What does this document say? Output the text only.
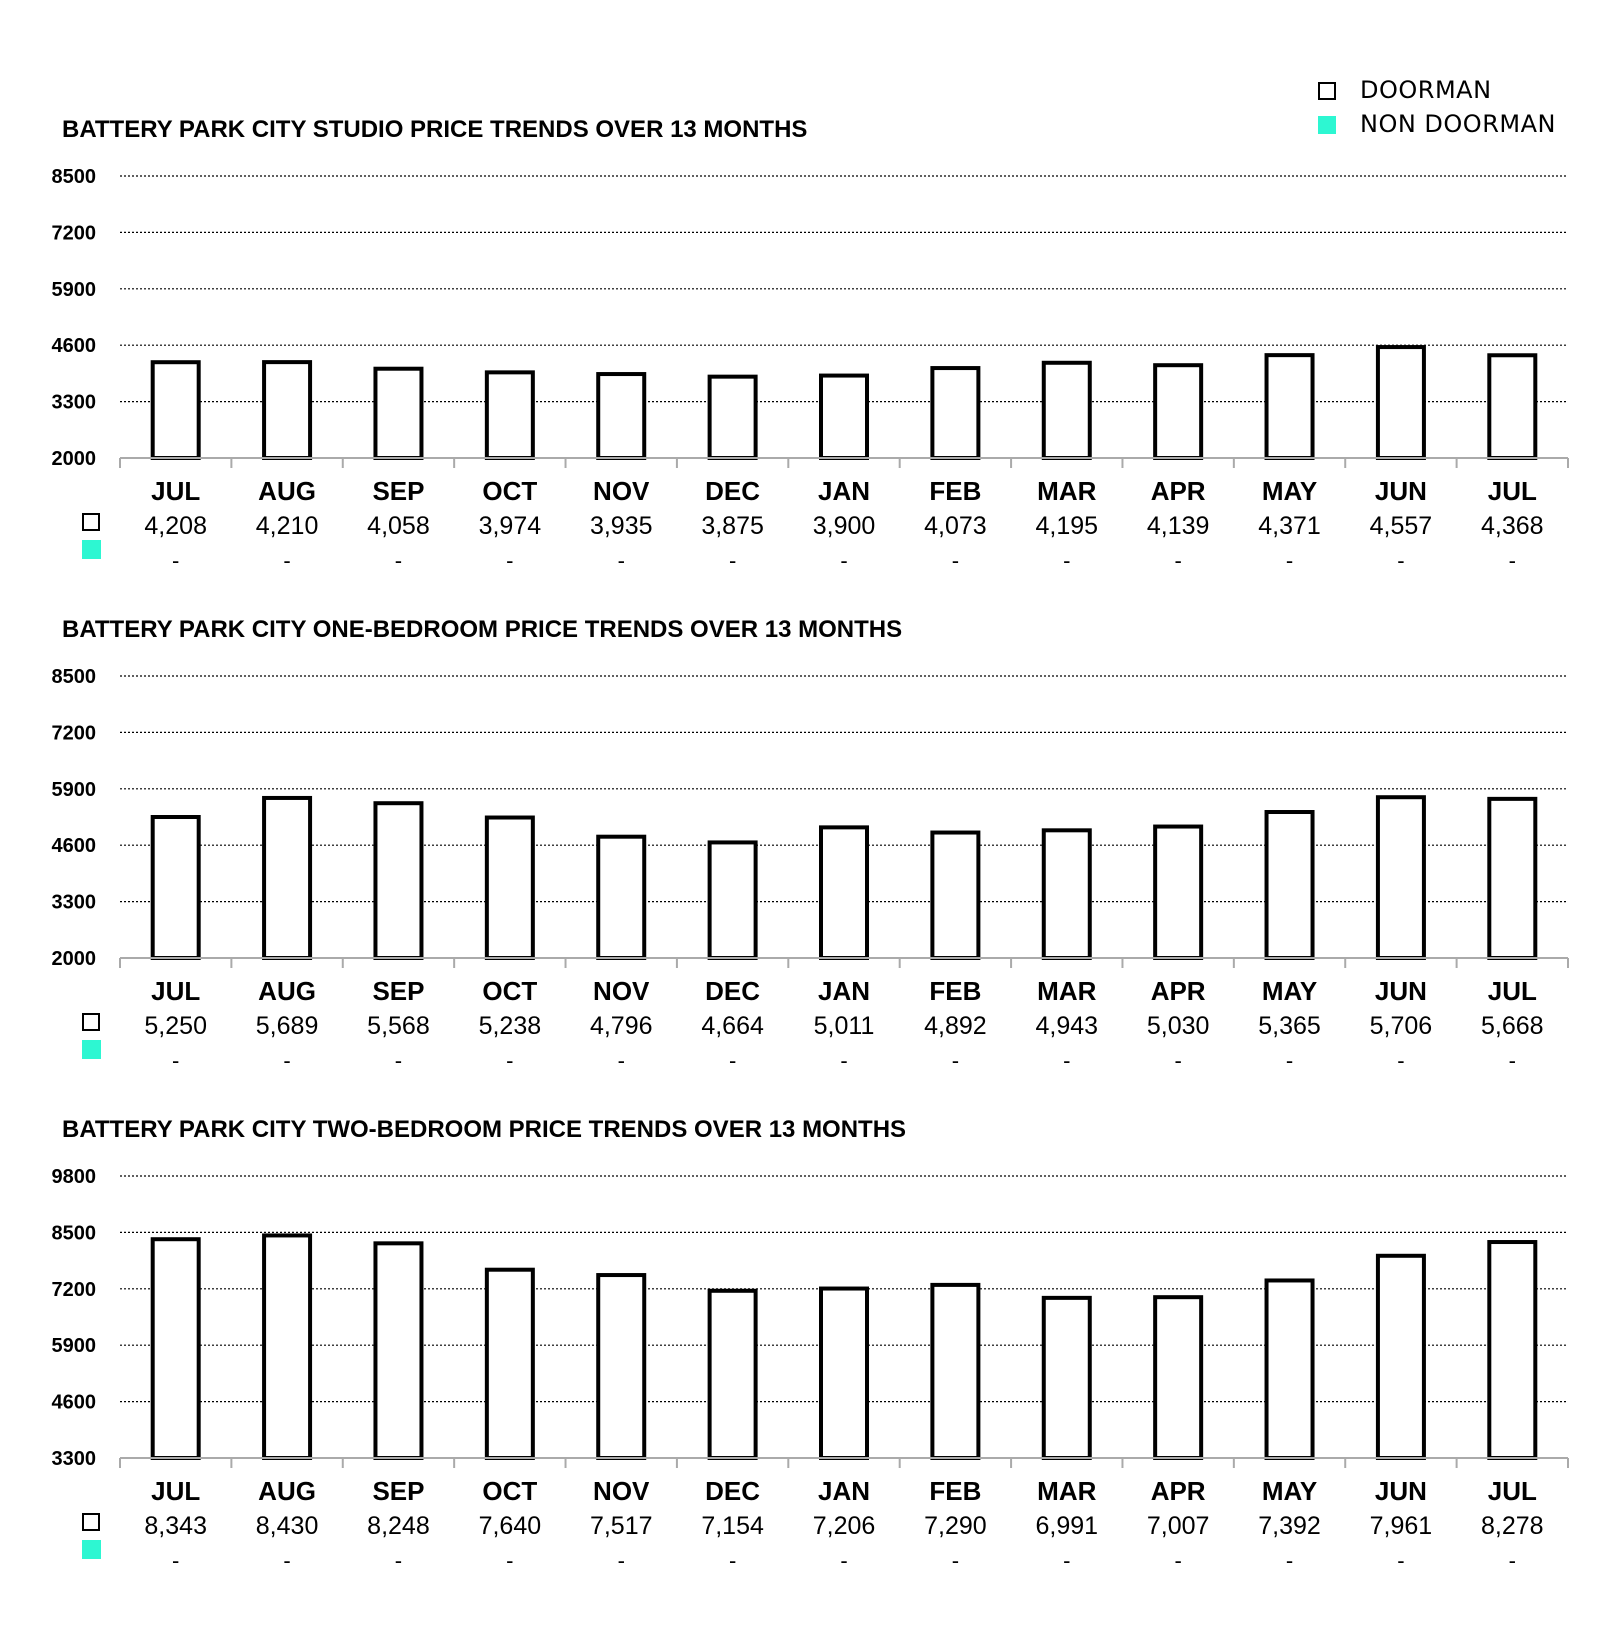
DOORMAN
NON DOORMAN
BATTERY PARK CITY STUDIO PRICE TRENDS OVER 13 MONTHS
2000
3300
4600
5900
7200
8500
JUL AUG SEP OCT NOV DEC JAN FEB MAR APR MAY JUN JUL
4,208 4,210 4,058 3,974 3,935 3,875 3,900 4,073 4,195 4,139 4,371 4,557 4,368
-	-	-	-	-	-	-	-	-	-	-	-	-
BATTERY PARK CITY ONE-BEDROOM PRICE TRENDS OVER 13 MONTHS
2000
3300
4600
5900
7200
8500
JUL AUG SEP OCT NOV DEC JAN FEB MAR APR MAY JUN JUL
5,250 5,689 5,568 5,238 4,796 4,664 5,011 4,892 4,943 5,030 5,365 5,706 5,668
-	-	-	-	-	-	-	-	-	-	-	-	-
BATTERY PARK CITY TWO-BEDROOM PRICE TRENDS OVER 13 MONTHS
3300
4600
5900
7200
8500
9800
JUL AUG SEP OCT NOV DEC JAN FEB MAR APR MAY JUN JUL
8,343 8,430 8,248 7,640 7,517 7,154 7,206 7,290 6,991 7,007 7,392 7,961 8,278
-	-	-	-	-	-	-	-	-	-	-	-	-
